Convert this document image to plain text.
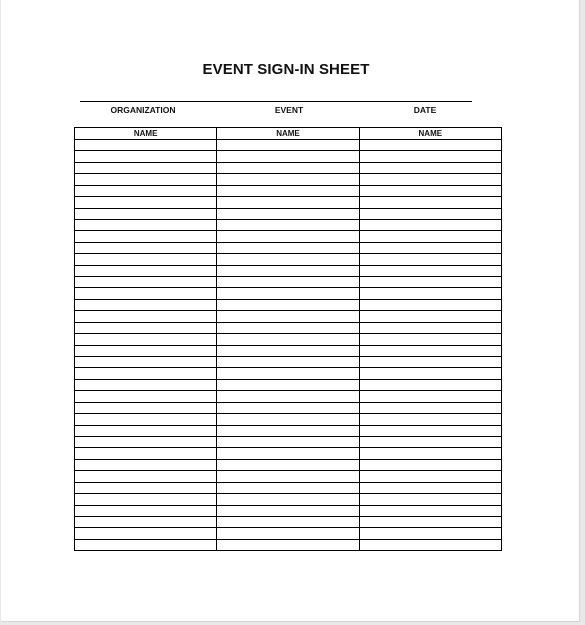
EVENT SIGN-IN SHEET
ORGANIZATION	EVENT	DATE
NAME	NAME	NAME
